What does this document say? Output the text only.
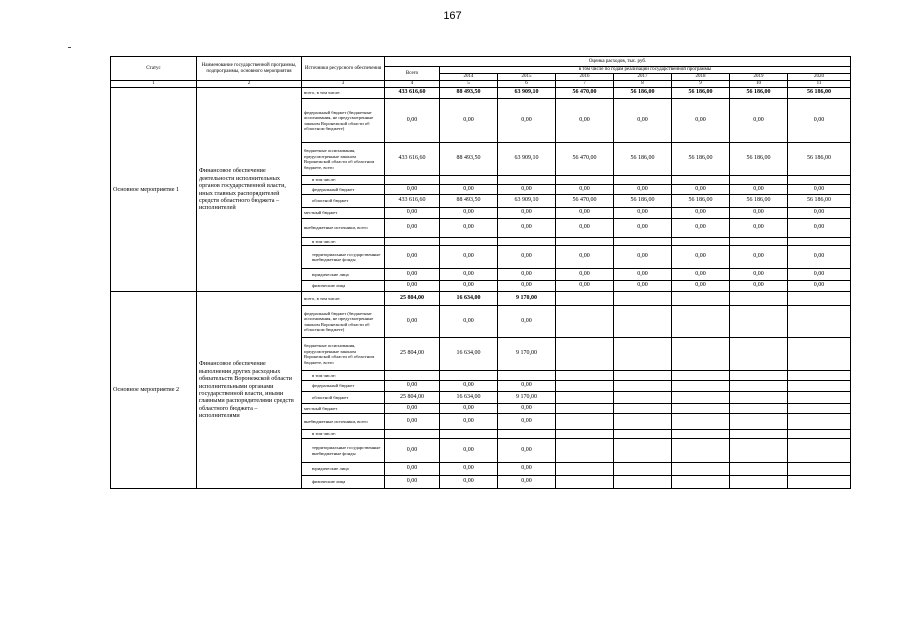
167
Статус	Наименование государственной программы, подпрограммы, основного мероприятия	Источники ресурсного обеспечения	Оценка расходов, тыс. руб.							
			Всего	в том числе по годам реализации государственной программы						
				2014	2015	2016	2017	2018	2019	2020
1	2	3	4	5	6	7	8	9	10	11
Основное мероприятие 1	Финансовое обеспечение деятельности исполнительных органов государственной власти, иных главных распорядителей средств областного бюджета – исполнителей	всего, в том числе:	433 616,60	88 493,50	63 909,10	56 470,00	56 186,00	56 186,00	56 186,00	56 186,00
		федеральный бюджет (бюджетные ассигнования, не предусмотренные законом Воронежской области об областном бюджете)	0,00	0,00	0,00	0,00	0,00	0,00	0,00	0,00
		бюджетные ассигнования, предусмотренные законом Воронежской области об областном бюджете, всего	433 616,60	88 493,50	63 909,10	56 470,00	56 186,00	56 186,00	56 186,00	56 186,00
		в том числе:								
		федеральный бюджет	0,00	0,00	0,00	0,00	0,00	0,00	0,00	0,00
		областной бюджет	433 616,60	88 493,50	63 909,10	56 470,00	56 186,00	56 186,00	56 186,00	56 186,00
		местный бюджет	0,00	0,00	0,00	0,00	0,00	0,00	0,00	0,00
		внебюджетные источники, всего	0,00	0,00	0,00	0,00	0,00	0,00	0,00	0,00
		в том числе:								
		территориальные государственные внебюджетные фонды	0,00	0,00	0,00	0,00	0,00	0,00	0,00	0,00
		юридические лица	0,00	0,00	0,00	0,00	0,00	0,00	0,00	0,00
		физические лица	0,00	0,00	0,00	0,00	0,00	0,00	0,00	0,00
Основное мероприятие 2	Финансовое обеспечение выполнения других расходных обязательств Воронежской области исполнительными органами государственной власти, иными главными распорядителями средств областного бюджета – исполнителями	всего, в том числе:	25 804,00	16 634,00	9 170,00					
		федеральный бюджет (бюджетные ассигнования, не предусмотренные законом Воронежской области об областном бюджете)	0,00	0,00	0,00					
		бюджетные ассигнования, предусмотренные законом Воронежской области об областном бюджете, всего	25 804,00	16 634,00	9 170,00					
		в том числе:								
		федеральный бюджет	0,00	0,00	0,00					
		областной бюджет	25 804,00	16 634,00	9 170,00					
		местный бюджет	0,00	0,00	0,00					
		внебюджетные источники, всего	0,00	0,00	0,00					
		в том числе:								
		территориальные государственные внебюджетные фонды	0,00	0,00	0,00					
		юридические лица	0,00	0,00	0,00					
		физические лица	0,00	0,00	0,00					
